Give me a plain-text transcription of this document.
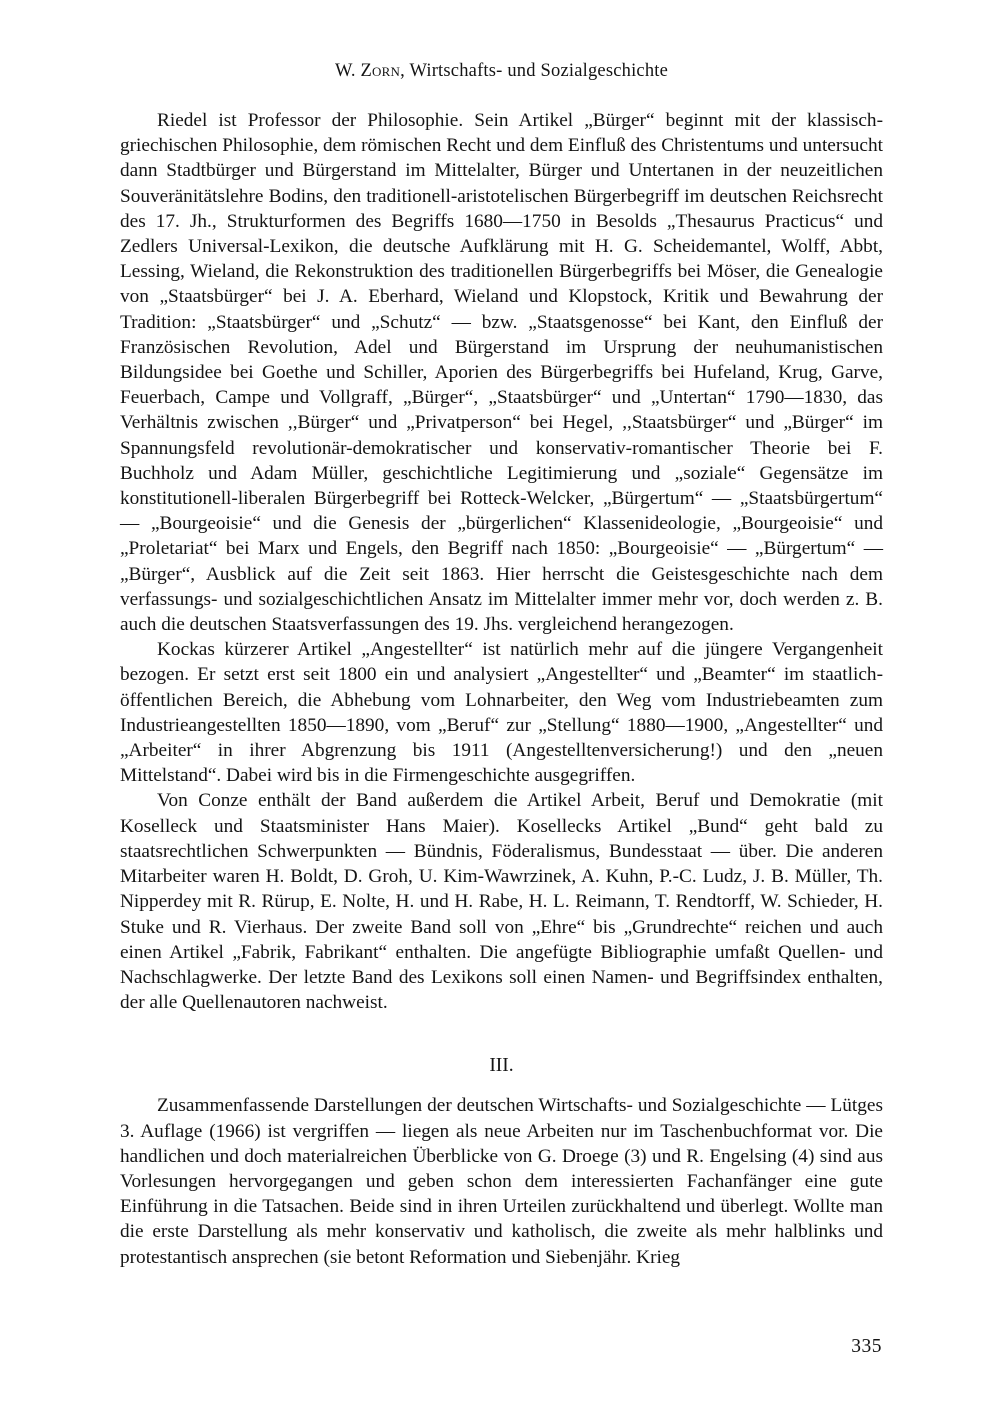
W. Zorn, Wirtschafts- und Sozialgeschichte

Riedel ist Professor der Philosophie. Sein Artikel „Bürger“ beginnt mit der klassisch-griechischen Philosophie, dem römischen Recht und dem Einfluß des Christentums und untersucht dann Stadtbürger und Bürgerstand im Mittelalter, Bürger und Untertanen in der neuzeitlichen Souveränitätslehre Bodins, den traditionell-aristotelischen Bürgerbegriff im deutschen Reichsrecht des 17. Jh., Strukturformen des Begriffs 1680—1750 in Besolds „Thesaurus Practicus“ und Zedlers Universal-Lexikon, die deutsche Aufklärung mit H. G. Scheidemantel, Wolff, Abbt, Lessing, Wieland, die Rekonstruktion des traditionellen Bürgerbegriffs bei Möser, die Genealogie von „Staatsbürger“ bei J. A. Eberhard, Wieland und Klopstock, Kritik und Bewahrung der Tradition: „Staatsbürger“ und „Schutz“ — bzw. „Staatsgenosse“ bei Kant, den Einfluß der Französischen Revolution, Adel und Bürgerstand im Ursprung der neuhumanistischen Bildungsidee bei Goethe und Schiller, Aporien des Bürgerbegriffs bei Hufeland, Krug, Garve, Feuerbach, Campe und Vollgraff, „Bürger“, „Staatsbürger“ und „Untertan“ 1790—1830, das Verhältnis zwischen ,,Bürger“ und „Privatperson“ bei Hegel, ,,Staatsbürger“ und „Bürger“ im Spannungsfeld revolutionär-demokratischer und konservativ-romantischer Theorie bei F. Buchholz und Adam Müller, geschichtliche Legitimierung und „soziale“ Gegensätze im konstitutionell-liberalen Bürgerbegriff bei Rotteck-Welcker, „Bürgertum“ — „Staatsbürgertum“ — „Bourgeoisie“ und die Genesis der „bürgerlichen“ Klassenideologie, „Bourgeoisie“ und „Proletariat“ bei Marx und Engels, den Begriff nach 1850: „Bourgeoisie“ — „Bürgertum“ — „Bürger“, Ausblick auf die Zeit seit 1863. Hier herrscht die Geistesgeschichte nach dem verfassungs- und sozialgeschichtlichen Ansatz im Mittelalter immer mehr vor, doch werden z. B. auch die deutschen Staatsverfassungen des 19. Jhs. vergleichend herangezogen.

Kockas kürzerer Artikel „Angestellter“ ist natürlich mehr auf die jüngere Vergangenheit bezogen. Er setzt erst seit 1800 ein und analysiert „Angestellter“ und „Beamter“ im staatlich-öffentlichen Bereich, die Abhebung vom Lohnarbeiter, den Weg vom Industriebeamten zum Industrieangestellten 1850—1890, vom „Beruf“ zur „Stellung“ 1880—1900, „Angestellter“ und „Arbeiter“ in ihrer Abgrenzung bis 1911 (Angestelltenversicherung!) und den „neuen Mittelstand“. Dabei wird bis in die Firmengeschichte ausgegriffen.

Von Conze enthält der Band außerdem die Artikel Arbeit, Beruf und Demokratie (mit Koselleck und Staatsminister Hans Maier). Kosellecks Artikel „Bund“ geht bald zu staatsrechtlichen Schwerpunkten — Bündnis, Föderalismus, Bundesstaat — über. Die anderen Mitarbeiter waren H. Boldt, D. Groh, U. Kim-Wawrzinek, A. Kuhn, P.-C. Ludz, J. B. Müller, Th. Nipperdey mit R. Rürup, E. Nolte, H. und H. Rabe, H. L. Reimann, T. Rendtorff, W. Schieder, H. Stuke und R. Vierhaus. Der zweite Band soll von „Ehre“ bis „Grundrechte“ reichen und auch einen Artikel „Fabrik, Fabrikant“ enthalten. Die angefügte Bibliographie umfaßt Quellen- und Nachschlagwerke. Der letzte Band des Lexikons soll einen Namen- und Begriffsindex enthalten, der alle Quellenautoren nachweist.

III.

Zusammenfassende Darstellungen der deutschen Wirtschafts- und Sozialgeschichte — Lütges 3. Auflage (1966) ist vergriffen — liegen als neue Arbeiten nur im Taschenbuchformat vor. Die handlichen und doch materialreichen Überblicke von G. Droege (3) und R. Engelsing (4) sind aus Vorlesungen hervorgegangen und geben schon dem interessierten Fachanfänger eine gute Einführung in die Tatsachen. Beide sind in ihren Urteilen zurückhaltend und überlegt. Wollte man die erste Darstellung als mehr konservativ und katholisch, die zweite als mehr halblinks und protestantisch ansprechen (sie betont Reformation und Siebenjähr. Krieg

335
